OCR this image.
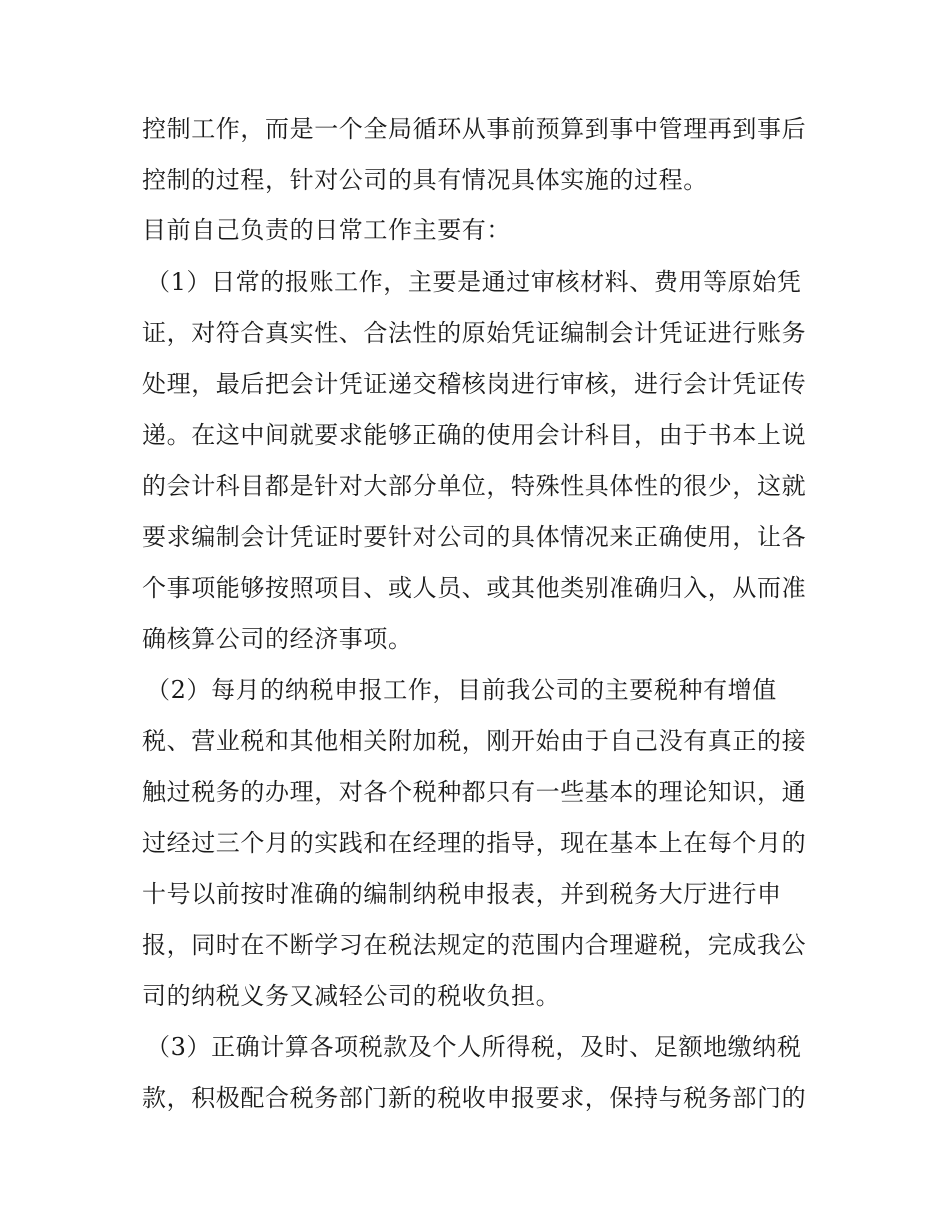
控制工作，而是一个全局循环从事前预算到事中管理再到事后
控制的过程，针对公司的具有情况具体实施的过程。
目前自己负责的日常工作主要有：
（1）日常的报账工作，主要是通过审核材料、费用等原始凭
证，对符合真实性、合法性的原始凭证编制会计凭证进行账务
处理，最后把会计凭证递交稽核岗进行审核，进行会计凭证传
递。在这中间就要求能够正确的使用会计科目，由于书本上说
的会计科目都是针对大部分单位，特殊性具体性的很少，这就
要求编制会计凭证时要针对公司的具体情况来正确使用，让各
个事项能够按照项目、或人员、或其他类别准确归入，从而准
确核算公司的经济事项。
（2）每月的纳税申报工作，目前我公司的主要税种有增值
税、营业税和其他相关附加税，刚开始由于自己没有真正的接
触过税务的办理，对各个税种都只有一些基本的理论知识，通
过经过三个月的实践和在经理的指导，现在基本上在每个月的
十号以前按时准确的编制纳税申报表，并到税务大厅进行申
报，同时在不断学习在税法规定的范围内合理避税，完成我公
司的纳税义务又减轻公司的税收负担。
（3）正确计算各项税款及个人所得税，及时、足额地缴纳税
款，积极配合税务部门新的税收申报要求，保持与税务部门的
